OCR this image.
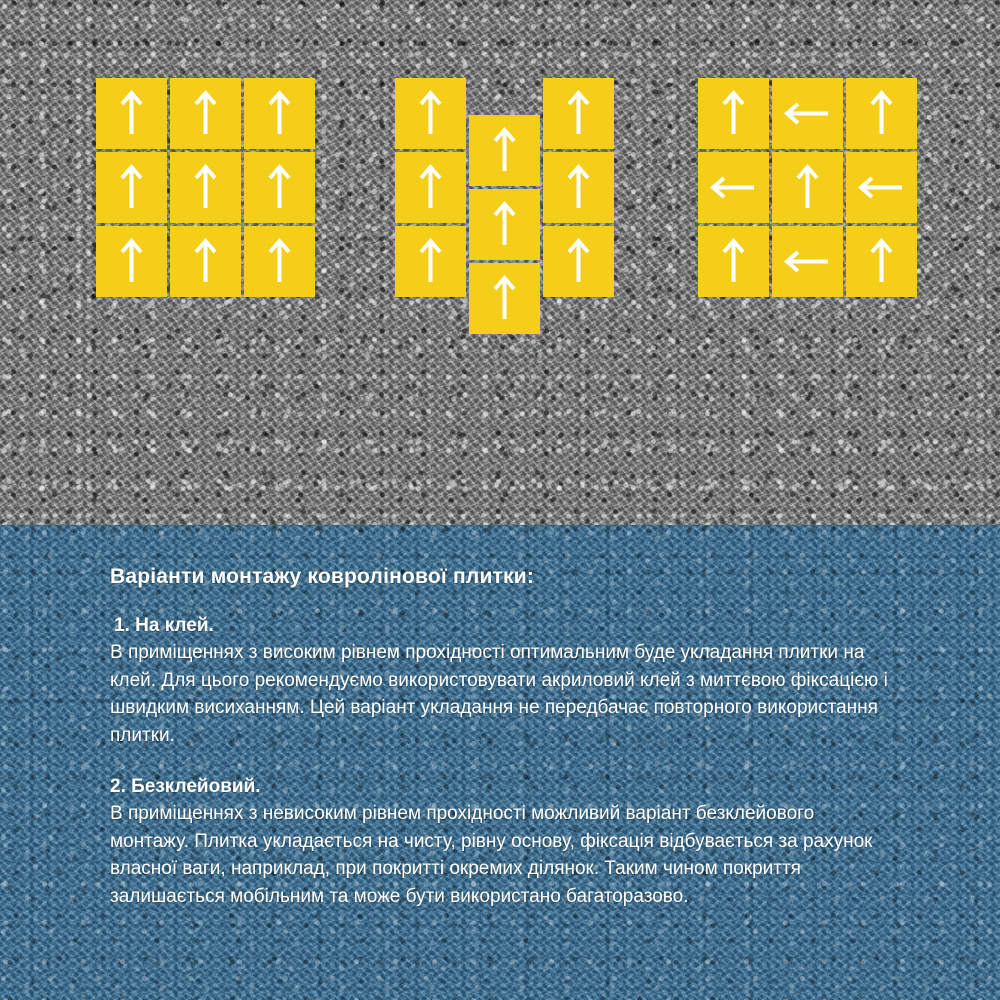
Варіанти монтажу ковролінової плитки:
1. На клей.

В приміщеннях з високим рівнем прохідності оптимальним буде укладання плитки на клей. Для цього рекомендуємо використовувати акриловий клей з миттєвою фіксацією і швидким висиханням. Цей варіант укладання не передбачає повторного використання плитки.

2. Безклейовий.

В приміщеннях з невисоким рівнем прохідності можливий варіант безклейового монтажу. Плитка укладається на чисту, рівну основу, фіксація відбувається за рахунок власної ваги, наприклад, при покритті окремих ділянок. Таким чином покриття залишається мобільним та може бути використано багаторазово.
